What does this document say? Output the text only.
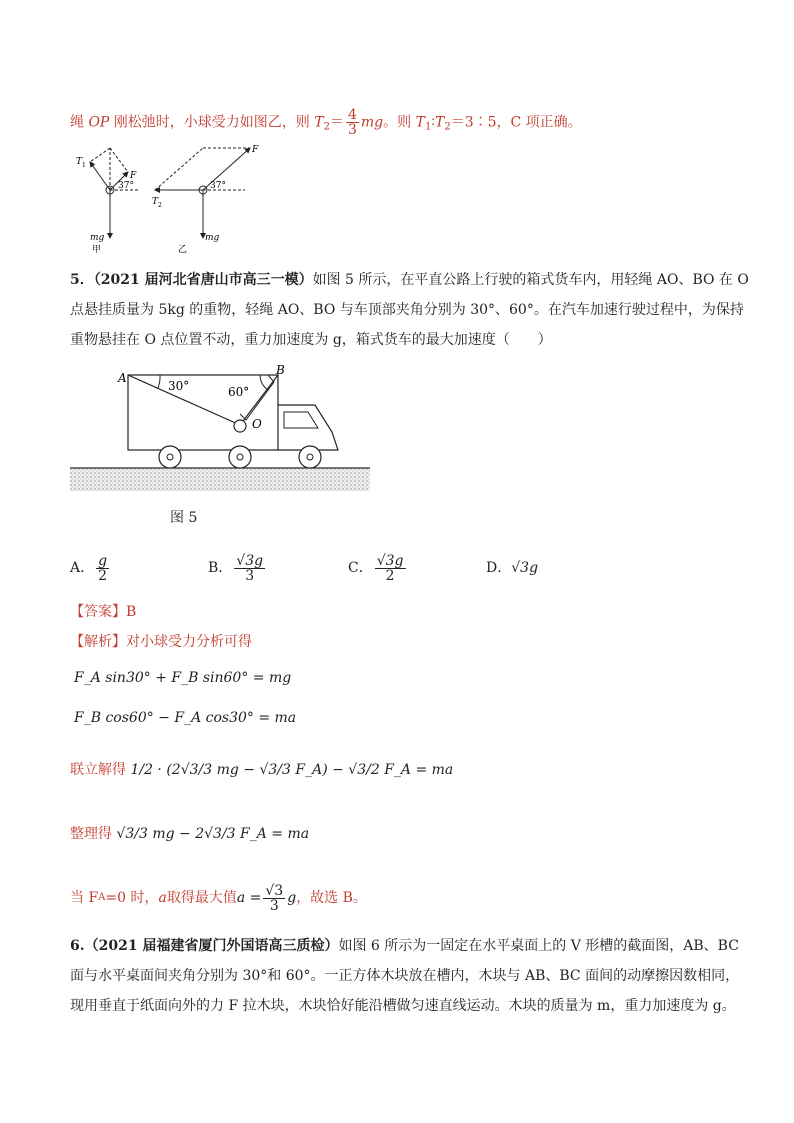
绳 OP 刚松弛时，小球受力如图乙，则 $T_2= \frac{4}{3}$ mg。则 $T_1∶T_2=3∶5$，C 项正确。
T 1
F
37°
mg
甲
T 2
F
37°
mg
乙
5．（2021 届河北省唐山市高三一模）如图 5 所示，在平直公路上行驶的箱式货车内，用轻绳 AO、BO 在 O
点悬挂质量为 5kg 的重物，轻绳 AO、BO 与车顶部夹角分别为 30°、60°。在汽车加速行驶过程中，为保持
重物悬挂在 O 点位置不动，重力加速度为 g，箱式货车的最大加速度（　　）
A
B
O
30°	60°
图 5
A． $\frac{g}{2}$	B． $\frac{√3g}{3}$	C． $\frac{√3g}{2}$	D． √3g
【答案】B
【解析】对小球受力分析可得
F_A sin30° + F_B sin60° = mg
F_B cos60° − F_A cos30° = ma
联立解得 1/2 · (2√3/3 mg − √3/3 F_A) − √3/2 F_A = ma
整理得 √3/3 mg − 2√3/3 F_A = ma
当 F A =0 时， a 取得最大值 $a = \frac{√3}{3}$ g ，故选 B。
6.（2021 届福建省厦门外国语高三质检）如图 6 所示为一固定在水平桌面上的 V 形槽的截面图，AB、BC
面与水平桌面间夹角分别为 30°和 60°。一正方体木块放在槽内，木块与 AB、BC 面间的动摩擦因数相同，
现用垂直于纸面向外的力 F 拉木块，木块恰好能沿槽做匀速直线运动。木块的质量为 m，重力加速度为 g。
